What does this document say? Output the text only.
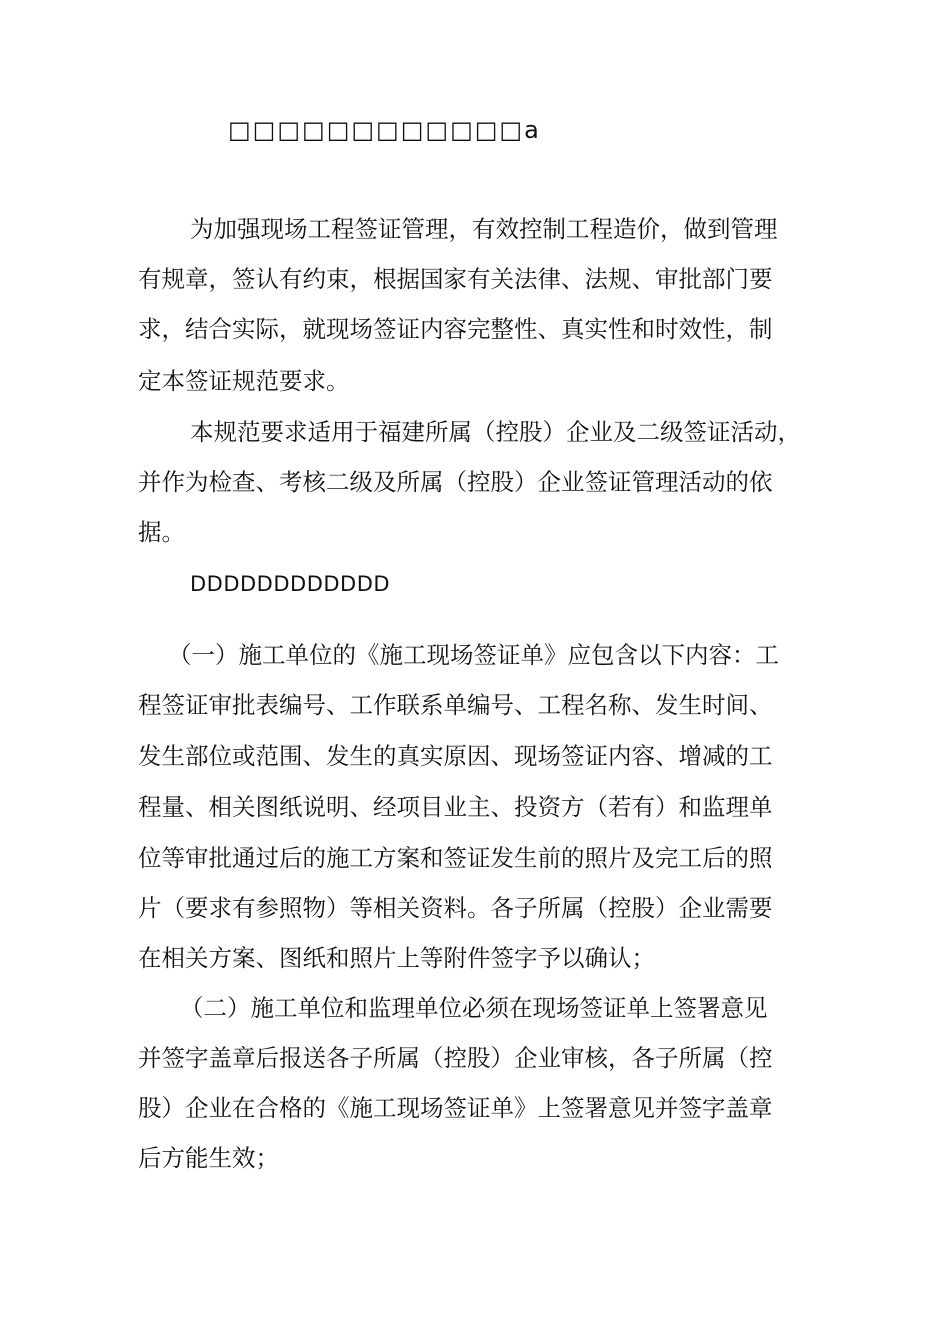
□□□□□□□□□□□□a
为加强现场工程签证管理，有效控制工程造价，做到管理
有规章，签认有约束，根据国家有关法律、法规、审批部门要
求，结合实际，就现场签证内容完整性、真实性和时效性，制
定本签证规范要求。
本规范要求适用于福建所属（控股）企业及二级签证活动，
并作为检查、考核二级及所属（控股）企业签证管理活动的依
据。
DDDDDDDDDDDD
（一）施工单位的《施工现场签证单》应包含以下内容：工
程签证审批表编号、工作联系单编号、工程名称、发生时间、
发生部位或范围、发生的真实原因、现场签证内容、增减的工
程量、相关图纸说明、经项目业主、投资方（若有）和监理单
位等审批通过后的施工方案和签证发生前的照片及完工后的照
片（要求有参照物）等相关资料。各子所属（控股）企业需要
在相关方案、图纸和照片上等附件签字予以确认；
（二）施工单位和监理单位必须在现场签证单上签署意见
并签字盖章后报送各子所属（控股）企业审核，各子所属（控
股）企业在合格的《施工现场签证单》上签署意见并签字盖章
后方能生效；
